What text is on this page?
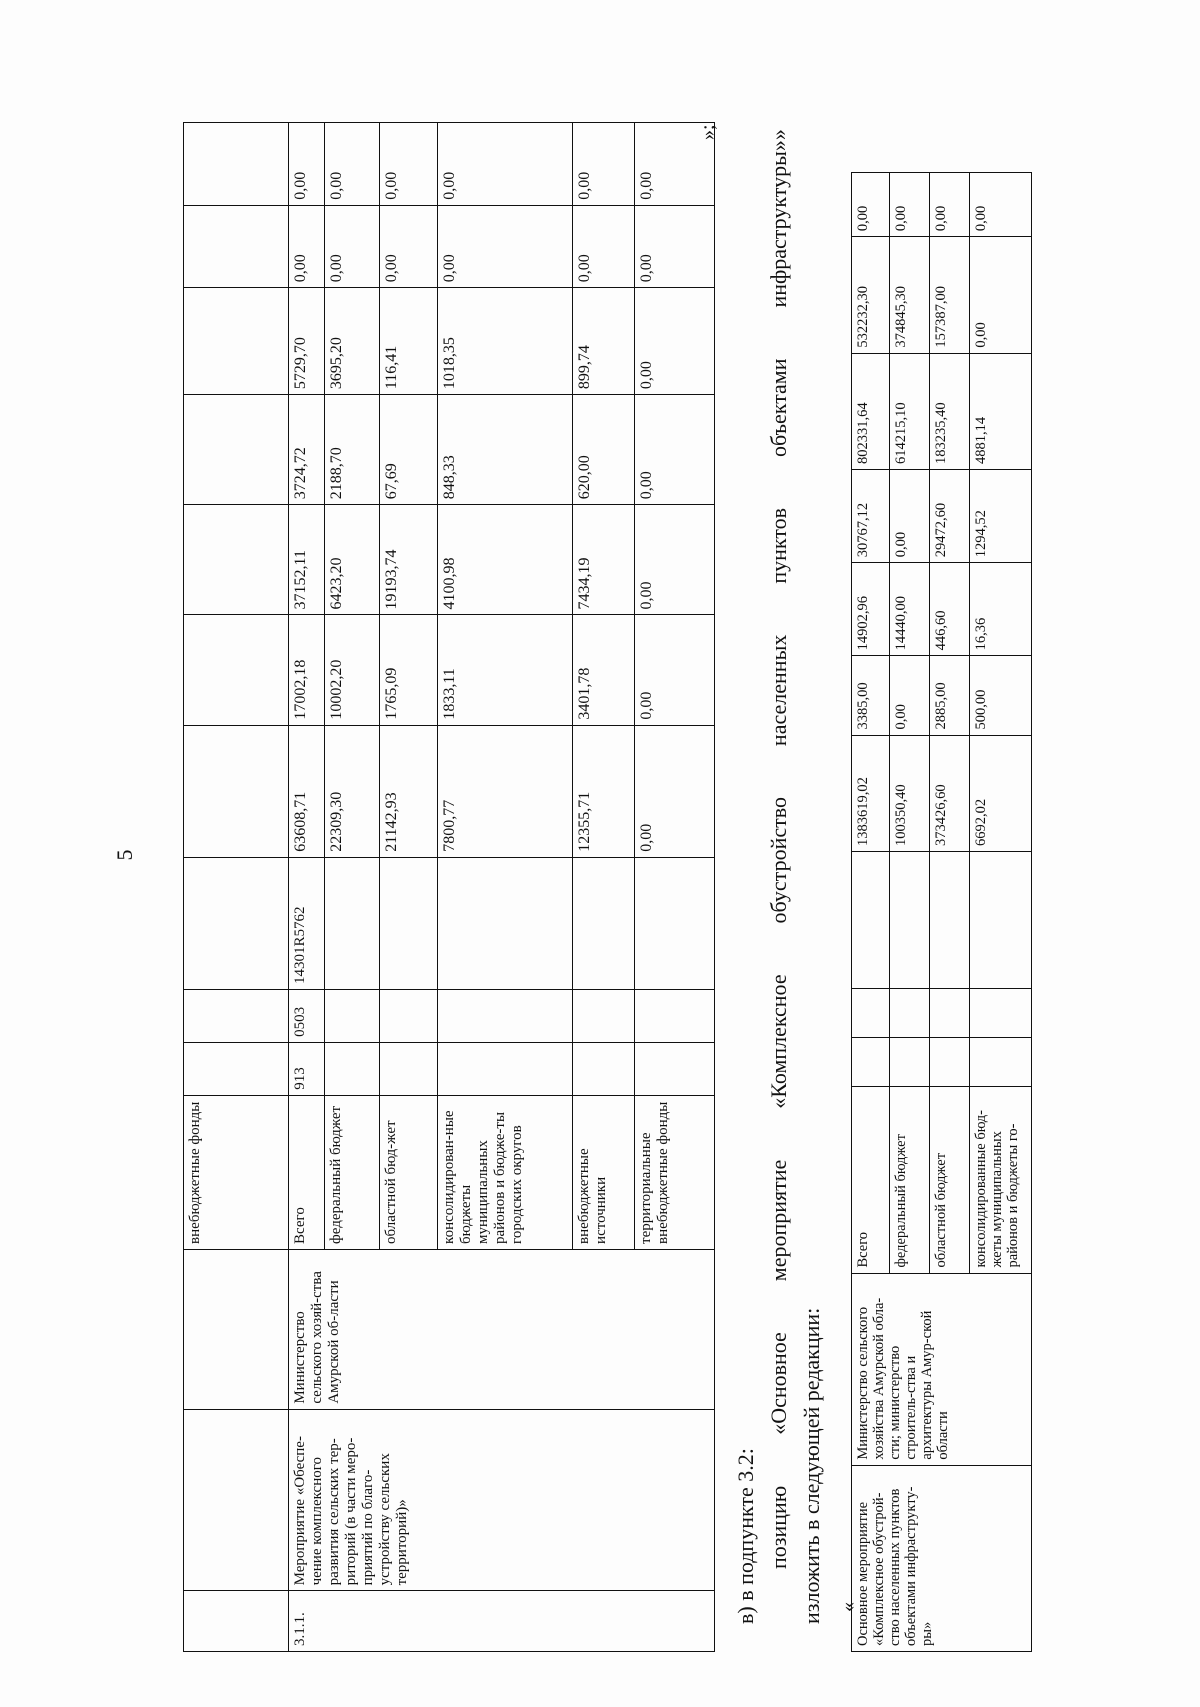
5
			внебюджетные фонды										
3.1.1.	Мероприятие «Обеспе-чение комплексного развития сельских тер-риторий (в части меро-приятий по благо-устройству сельских территорий)»	Министерство сельского хозяй-ства Амурской об-ласти	Всего	913	0503	14301R5762	63608,71	17002,18	37152,11	3724,72	5729,70	0,00	0,00
			федеральный бюджет				22309,30	10002,20	6423,20	2188,70	3695,20	0,00	0,00
			областной бюд-жет				21142,93	1765,09	19193,74	67,69	116,41	0,00	0,00
			консолидирован-ные бюджеты муниципальных районов и бюдже-ты городских округов				7800,77	1833,11	4100,98	848,33	1018,35	0,00	0,00
			внебюджетные источники				12355,71	3401,78	7434,19	620,00	899,74	0,00	0,00
			территориальные внебюджетные фонды				0,00	0,00	0,00	0,00	0,00	0,00	0,00
»;
в) в подпункте 3.2: позицию
«Основное
мероприятие
«Комплексное
обустройство
населенных
пунктов
объектами
инфраструктуры»»
изложить в следующей редакции: «
Основное мероприятие «Комплексное обустрой-ство населенных пунктов объектами инфраструкту-ры»	Министерство сельского хозяйства Амурской обла-сти; министерство строитель-ства и архитектуры Амур-ской области	Всего				1383619,02	3385,00	14902,96	30767,12	802331,64	532232,30	0,00
		федеральный бюджет				100350,40	0,00	14440,00	0,00	614215,10	374845,30	0,00
		областной бюджет				373426,60	2885,00	446,60	29472,60	183235,40	157387,00	0,00
		консолидированные бюд-жеты муниципальных районов и бюджеты го-				6692,02	500,00	16,36	1294,52	4881,14	0,00	0,00
